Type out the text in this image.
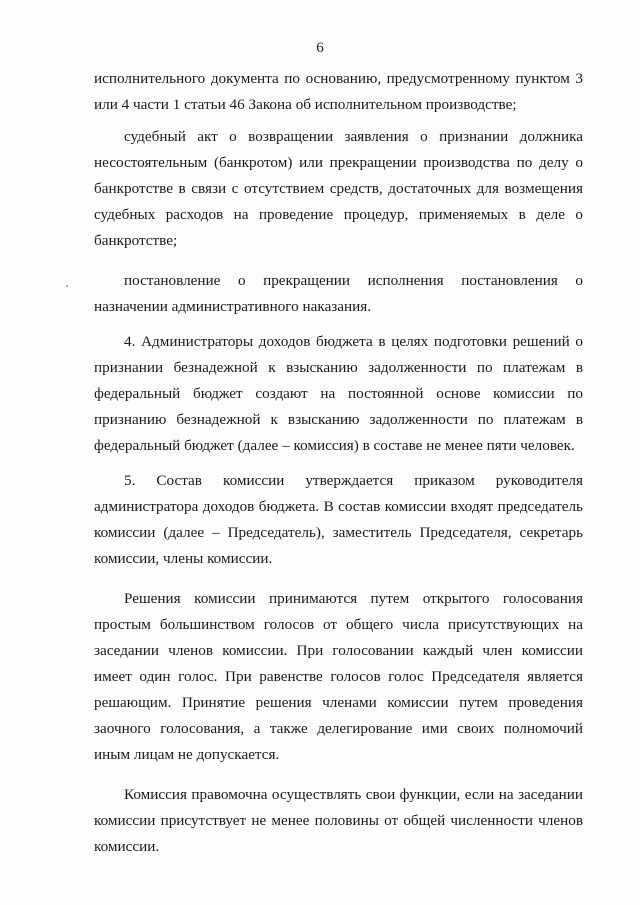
6

исполнительного документа по основанию, предусмотренному пунктом 3 или 4 части 1 статьи 46 Закона об исполнительном производстве;

судебный акт о возвращении заявления о признании должника несостоятельным (банкротом) или прекращении производства по делу о банкротстве в связи с отсутствием средств, достаточных для возмещения судебных расходов на проведение процедур, применяемых в деле о банкротстве;

постановление о прекращении исполнения постановления о назначении административного наказания.

4. Администраторы доходов бюджета в целях подготовки решений о признании безнадежной к взысканию задолженности по платежам в федеральный бюджет создают на постоянной основе комиссии по признанию безнадежной к взысканию задолженности по платежам в федеральный бюджет (далее – комиссия) в составе не менее пяти человек.

5. Состав комиссии утверждается приказом руководителя администратора доходов бюджета. В состав комиссии входят председатель комиссии (далее – Председатель), заместитель Председателя, секретарь комиссии, члены комиссии.

Решения комиссии принимаются путем открытого голосования простым большинством голосов от общего числа присутствующих на заседании членов комиссии. При голосовании каждый член комиссии имеет один голос. При равенстве голосов голос Председателя является решающим. Принятие решения членами комиссии путем проведения заочного голосования, а также делегирование ими своих полномочий иным лицам не допускается.

Комиссия правомочна осуществлять свои функции, если на заседании комиссии присутствует не менее половины от общей численности членов комиссии.
